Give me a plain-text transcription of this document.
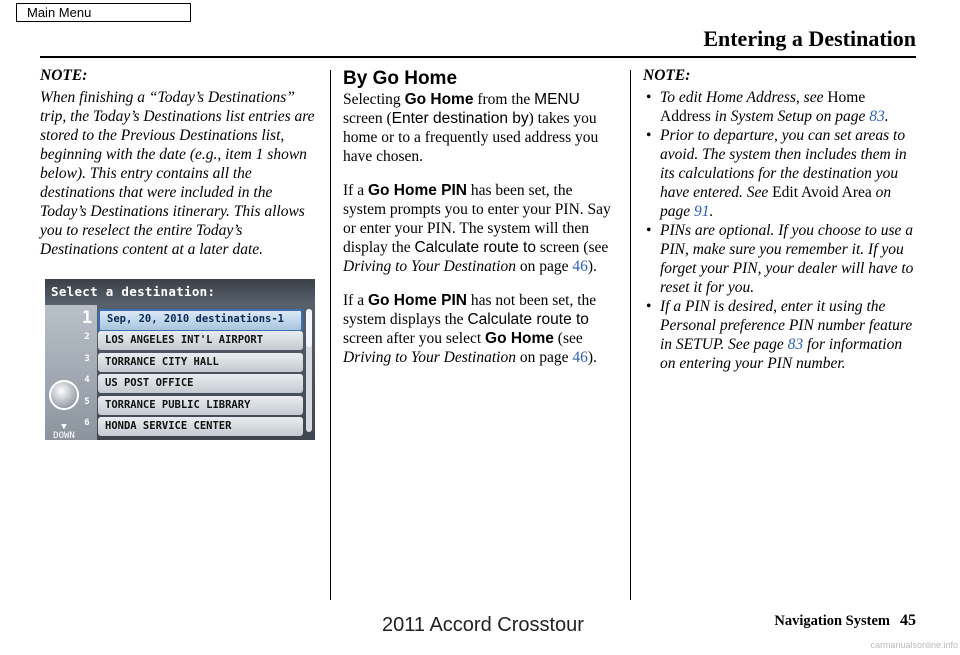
Main Menu
Entering a Destination
NOTE:
When finishing a “Today’s Destinations” trip, the Today’s Destinations list entries are stored to the Previous Destinations list, beginning with the date (e.g., item 1 shown below). This entry contains all the destinations that were included in the Today’s Destinations itinerary. This allows you to reselect the entire Today’s Destinations content at a later date.
Select a destination:
▼
DOWN
1	Sep, 20, 2010 destinations-1
2	LOS ANGELES INT'L AIRPORT
3	TORRANCE CITY HALL
4	US POST OFFICE
5	TORRANCE PUBLIC LIBRARY
6	HONDA SERVICE CENTER
By Go Home

Selecting Go Home from the MENU
screen (Enter destination by) takes you home or to a frequently used address you have chosen.

If a Go Home PIN has been set, the system prompts you to enter your PIN. Say or enter your PIN. The system will then display the Calculate route to screen (see Driving to Your Destination on page 46).

If a Go Home PIN has not been set, the system displays the Calculate route to screen after you select Go Home (see Driving to Your Destination on page 46).

NOTE:
• To edit Home Address, see Home Address in System Setup on page 83.
• Prior to departure, you can set areas to avoid. The system then includes them in its calculations for the destination you have entered. See Edit Avoid Area on page 91.
• PINs are optional. If you choose to use a PIN, make sure you remember it. If you forget your PIN, your dealer will have to reset it for you.
• If a PIN is desired, enter it using the Personal preference PIN number feature in SETUP. See page 83 for information on entering your PIN number.
Navigation System 45
2011 Accord Crosstour
carmanualsonline.info
